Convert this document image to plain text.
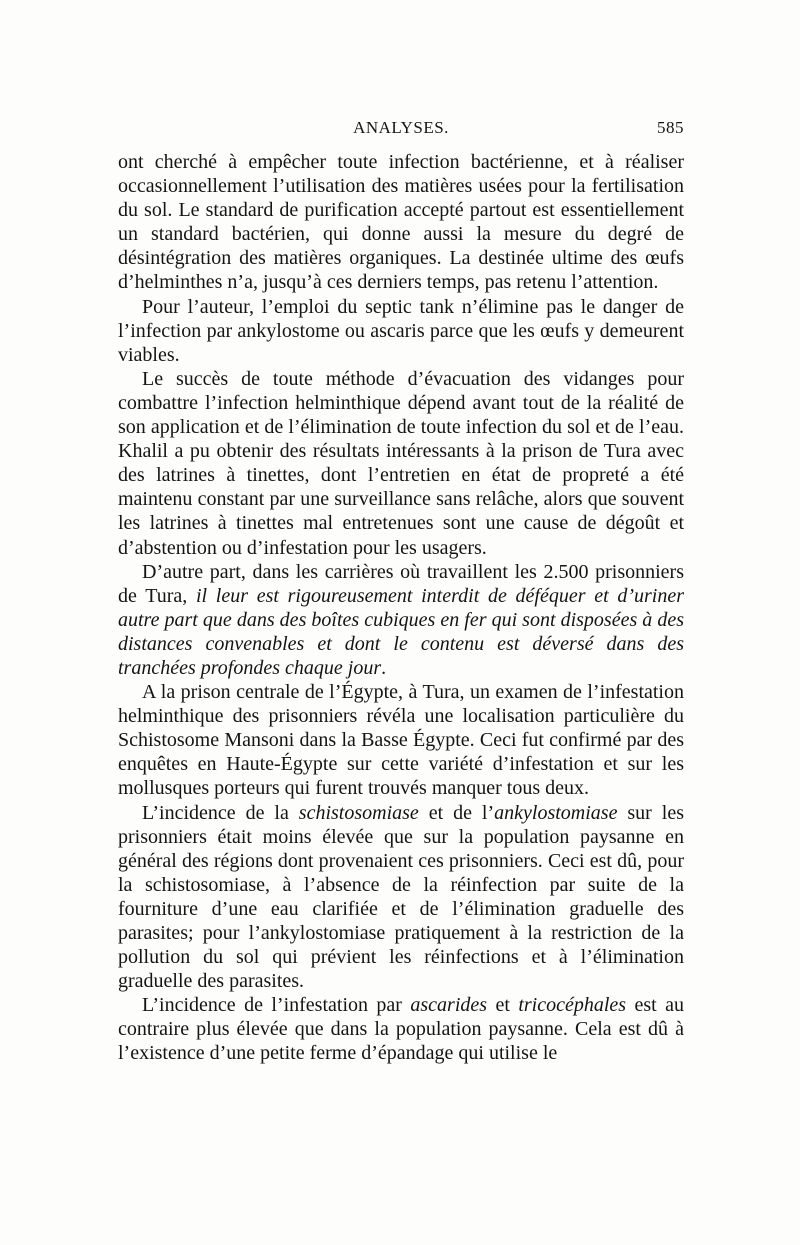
ANALYSES.	585

ont cherché à empêcher toute infection bactérienne, et à réaliser occasionnellement l’utilisation des matières usées pour la fertilisation du sol. Le standard de purification accepté partout est essentiellement un standard bactérien, qui donne aussi la mesure du degré de désintégration des matières organiques. La destinée ultime des œufs d’helminthes n’a, jusqu’à ces derniers temps, pas retenu l’attention.

Pour l’auteur, l’emploi du septic tank n’élimine pas le danger de l’infection par ankylostome ou ascaris parce que les œufs y demeurent viables.

Le succès de toute méthode d’évacuation des vidanges pour combattre l’infection helminthique dépend avant tout de la réalité de son application et de l’élimination de toute infection du sol et de l’eau. Khalil a pu obtenir des résultats intéressants à la prison de Tura avec des latrines à tinettes, dont l’entretien en état de propreté a été maintenu constant par une surveillance sans relâche, alors que souvent les latrines à tinettes mal entretenues sont une cause de dégoût et d’abstention ou d’infestation pour les usagers.

D’autre part, dans les carrières où travaillent les 2.500 prisonniers de Tura, il leur est rigoureusement interdit de déféquer et d’uriner autre part que dans des boîtes cubiques en fer qui sont disposées à des distances convenables et dont le contenu est déversé dans des tranchées profondes chaque jour.

A la prison centrale de l’Égypte, à Tura, un examen de l’infestation helminthique des prisonniers révéla une localisation particulière du Schistosome Mansoni dans la Basse Égypte. Ceci fut confirmé par des enquêtes en Haute-Égypte sur cette variété d’infestation et sur les mollusques porteurs qui furent trouvés manquer tous deux.

L’incidence de la schistosomiase et de l’ankylostomiase sur les prisonniers était moins élevée que sur la population paysanne en général des régions dont provenaient ces prisonniers. Ceci est dû, pour la schistosomiase, à l’absence de la réinfection par suite de la fourniture d’une eau clarifiée et de l’élimination graduelle des parasites; pour l’ankylostomiase pratiquement à la restriction de la pollution du sol qui prévient les réinfections et à l’élimination graduelle des parasites.

L’incidence de l’infestation par ascarides et tricocéphales est au contraire plus élevée que dans la population paysanne. Cela est dû à l’existence d’une petite ferme d’épandage qui utilise le
